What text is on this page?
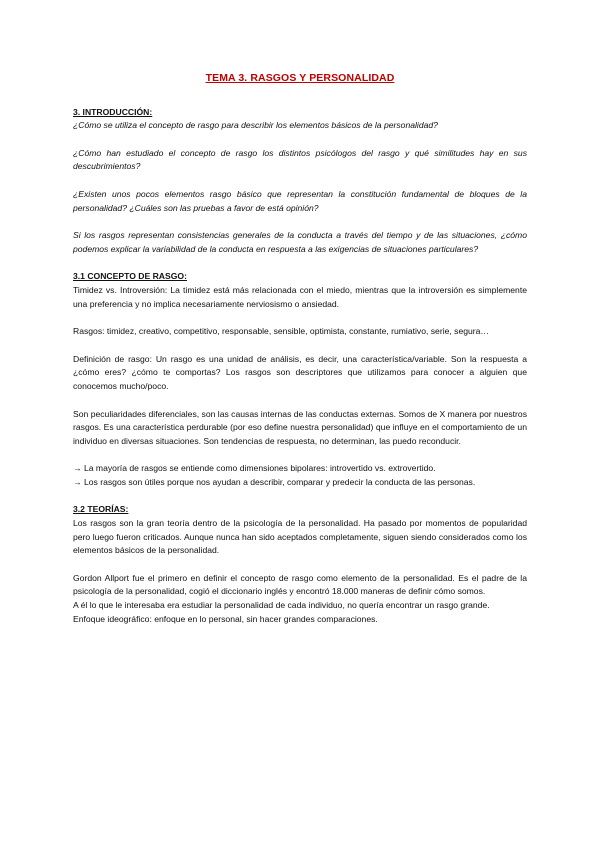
TEMA 3. RASGOS Y PERSONALIDAD
3. INTRODUCCIÓN:

¿Cómo se utiliza el concepto de rasgo para describir los elementos básicos de la personalidad?

¿Cómo han estudiado el concepto de rasgo los distintos psicólogos del rasgo y qué similitudes hay en sus descubrimientos?

¿Existen unos pocos elementos rasgo básico que representan la constitución fundamental de bloques de la personalidad? ¿Cuáles son las pruebas a favor de está opinión?

Si los rasgos representan consistencias generales de la conducta a través del tiempo y de las situaciones, ¿cómo podemos explicar la variabilidad de la conducta en respuesta a las exigencias de situaciones particulares?

3.1 CONCEPTO DE RASGO:

Timidez vs. Introversión: La timidez está más relacionada con el miedo, mientras que la introversión es simplemente una preferencia y no implica necesariamente nerviosismo o ansiedad.

Rasgos: timidez, creativo, competitivo, responsable, sensible, optimista, constante, rumiativo, serie, segura…

Definición de rasgo: Un rasgo es una unidad de análisis, es decir, una característica/variable. Son la respuesta a ¿cómo eres? ¿cómo te comportas? Los rasgos son descriptores que utilizamos para conocer a alguien que conocemos mucho/poco.

Son peculiaridades diferenciales, son las causas internas de las conductas externas. Somos de X manera por nuestros rasgos. Es una característica perdurable (por eso define nuestra personalidad) que influye en el comportamiento de un individuo en diversas situaciones. Son tendencias de respuesta, no determinan, las puedo reconducir.

→ La mayoría de rasgos se entiende como dimensiones bipolares: introvertido vs. extrovertido.

→ Los rasgos son útiles porque nos ayudan a describir, comparar y predecir la conducta de las personas.

3.2 TEORÍAS:

Los rasgos son la gran teoría dentro de la psicología de la personalidad. Ha pasado por momentos de popularidad pero luego fueron criticados. Aunque nunca han sido aceptados completamente, siguen siendo considerados como los elementos básicos de la personalidad.

Gordon Allport fue el primero en definir el concepto de rasgo como elemento de la personalidad. Es el padre de la psicología de la personalidad, cogió el diccionario inglés y encontró 18.000 maneras de definir cómo somos.

A él lo que le interesaba era estudiar la personalidad de cada individuo, no quería encontrar un rasgo grande.

Enfoque ideográfico: enfoque en lo personal, sin hacer grandes comparaciones.
